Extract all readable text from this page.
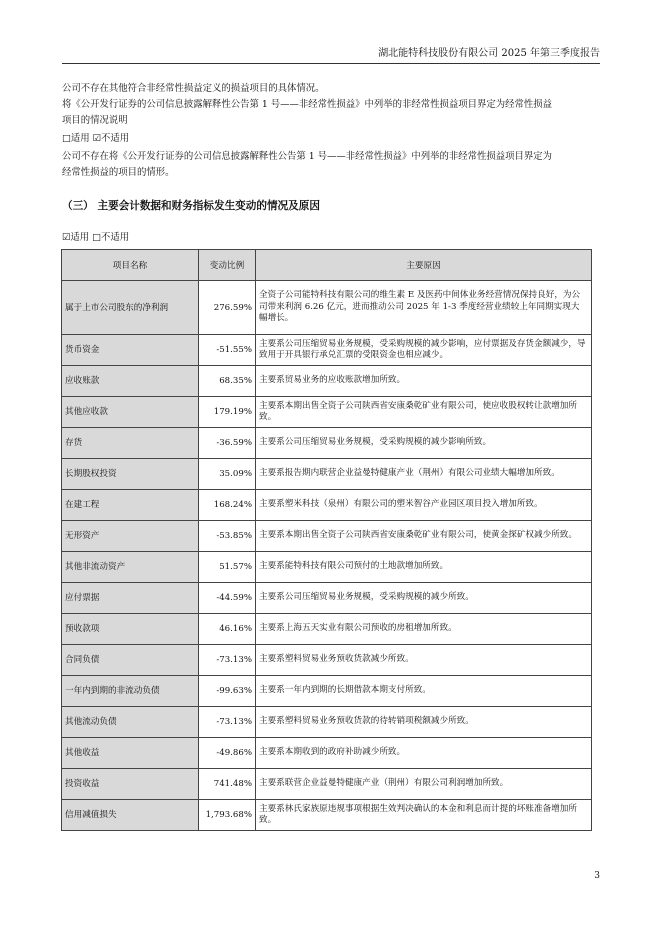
湖北能特科技股份有限公司 2025 年第三季度报告

公司不存在其他符合非经常性损益定义的损益项目的具体情况。

将《公开发行证券的公司信息披露解释性公告第 1 号——非经常性损益》中列举的非经常性损益项目界定为经常性损益

项目的情况说明

□适用 ☑不适用

公司不存在将《公开发行证券的公司信息披露解释性公告第 1 号——非经常性损益》中列举的非经常性损益项目界定为

经常性损益的项目的情形。

（三） 主要会计数据和财务指标发生变动的情况及原因

☑适用 □不适用
项目名称	变动比例	主要原因
属于上市公司股东的净利润	276.59%	全资子公司能特科技有限公司的维生素 E 及医药中间体业务经营情况保持良好，为公司带来利润 6.26 亿元，进而推动公司 2025 年 1-3 季度经营业绩较上年同期实现大幅增长。
货币资金	-51.55%	主要系公司压缩贸易业务规模，受采购规模的减少影响，应付票据及存货金额减少，导致用于开具银行承兑汇票的受限资金也相应减少。
应收账款	68.35%	主要系贸易业务的应收账款增加所致。
其他应收款	179.19%	主要系本期出售全资子公司陕西省安康桑乾矿业有限公司，使应收股权转让款增加所致。
存货	-36.59%	主要系公司压缩贸易业务规模，受采购规模的减少影响所致。
长期股权投资	35.09%	主要系报告期内联营企业益曼特健康产业（荆州）有限公司业绩大幅增加所致。
在建工程	168.24%	主要系塑米科技（泉州）有限公司的塑米智谷产业园区项目投入增加所致。
无形资产	-53.85%	主要系本期出售全资子公司陕西省安康桑乾矿业有限公司，使黄金探矿权减少所致。
其他非流动资产	51.57%	主要系能特科技有限公司预付的土地款增加所致。
应付票据	-44.59%	主要系公司压缩贸易业务规模，受采购规模的减少所致。
预收款项	46.16%	主要系上海五天实业有限公司预收的房租增加所致。
合同负债	-73.13%	主要系塑料贸易业务预收货款减少所致。
一年内到期的非流动负债	-99.63%	主要系一年内到期的长期借款本期支付所致。
其他流动负债	-73.13%	主要系塑料贸易业务预收货款的待转销项税额减少所致。
其他收益	-49.86%	主要系本期收到的政府补助减少所致。
投资收益	741.48%	主要系联营企业益曼特健康产业（荆州）有限公司利润增加所致。
信用减值损失	1,793.68%	主要系林氏家族原违规事项根据生效判决确认的本金和利息而计提的坏账准备增加所致。
3
